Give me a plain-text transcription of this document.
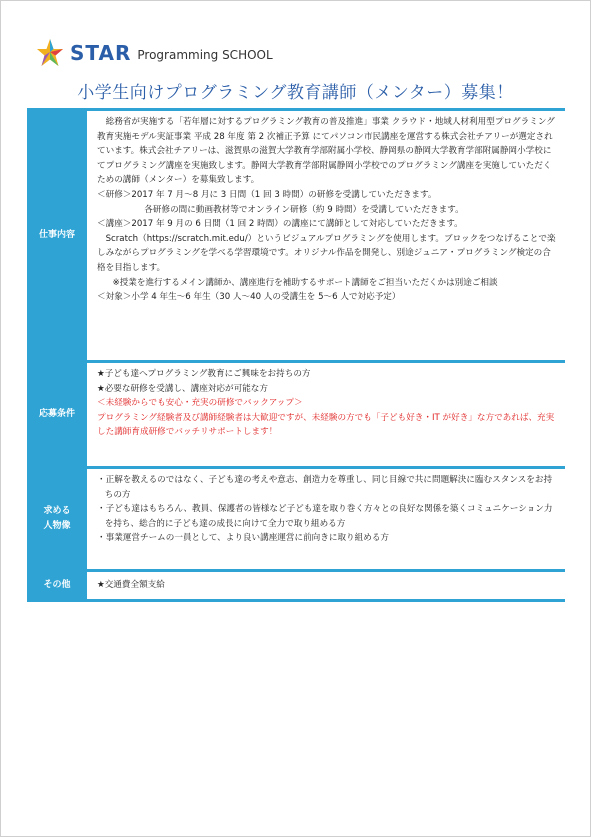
STAR Programming SCHOOL
小学生向けプログラミング教育講師（メンター）募集！
仕事内容

総務省が実施する「若年層に対するプログラミング教育の普及推進」事業 クラウド・地域人材利用型プログラミング教育実施モデル実証事業 平成 28 年度 第 2 次補正予算 にてパソコン市民講座を運営する株式会社チアリーが選定されています。株式会社チアリーは、滋賀県の滋賀大学教育学部附属小学校、静岡県の静岡大学教育学部附属静岡小学校にてプログラミング講座を実施致します。静岡大学教育学部附属静岡小学校でのプログラミング講座を実施していただくための講師（メンター）を募集致します。

＜研修＞2017 年 7 月〜8 月に 3 日間（1 回 3 時間）の研修を受講していただきます。

各研修の間に動画教材等でオンライン研修（約 9 時間）を受講していただきます。

＜講座＞2017 年 9 月の 6 日間（1 回 2 時間）の講座にて講師として対応していただきます。

Scratch（https://scratch.mit.edu/）というビジュアルプログラミングを使用します。ブロックをつなげることで楽しみながらプログラミングを学べる学習環境です。オリジナル作品を開発し、別途ジュニア・プログラミング検定の合格を目指します。

※授業を進行するメイン講師か、講座進行を補助するサポート講師をご担当いただくかは別途ご相談

＜対象＞小学 4 年生〜6 年生（30 人〜40 人の受講生を 5〜6 人で対応予定）

応募条件

★子ども達へプログラミング教育にご興味をお持ちの方

★必要な研修を受講し、講座対応が可能な方

＜未経験からでも安心・充実の研修でバックアップ＞

プログラミング経験者及び講師経験者は大歓迎ですが、未経験の方でも「子ども好き・IT が好き」な方であれば、充実した講師育成研修でバッチリサポートします！

求める
人物像

・正解を教えるのではなく、子ども達の考えや意志、創造力を尊重し、同じ目線で共に問題解決に臨むスタンスをお持ちの方

・子ども達はもちろん、教員、保護者の皆様など子ども達を取り巻く方々との良好な関係を築くコミュニケーション力を持ち、総合的に子ども達の成長に向けて全力で取り組める方

・事業運営チームの一員として、より良い講座運営に前向きに取り組める方

その他	★交通費全額支給
